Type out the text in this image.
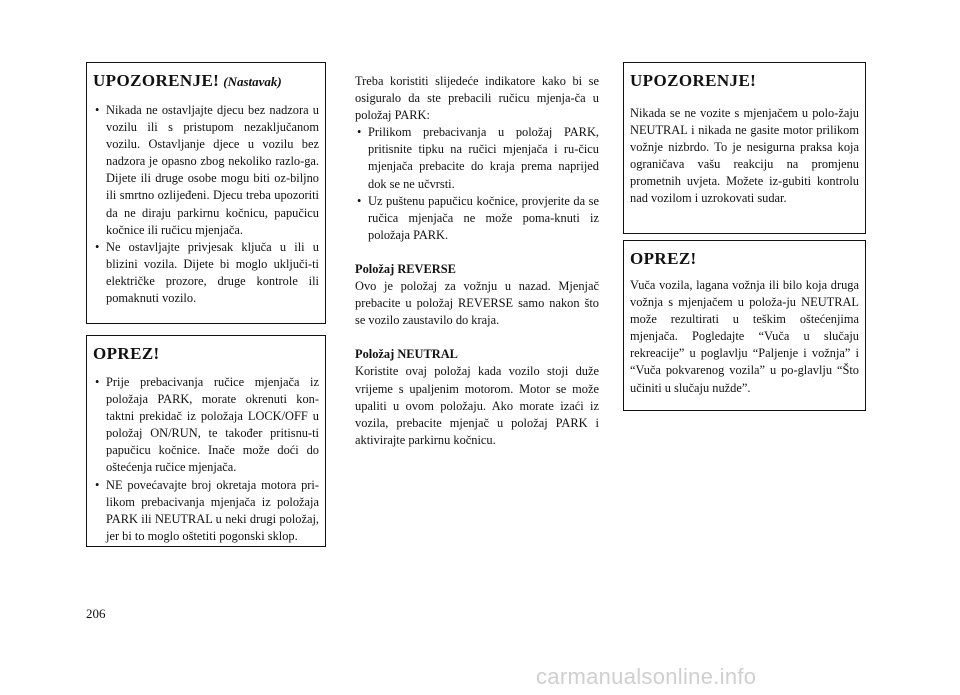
UPOZORENJE! (Nastavak)
• Nikada ne ostavljajte djecu bez nadzora u vozilu ili s pristupom nezaključanom vozilu. Ostavljanje djece u vozilu bez nadzora je opasno zbog nekoliko razlo-ga. Dijete ili druge osobe mogu biti oz-biljno ili smrtno ozlijeđeni. Djecu treba upozoriti da ne diraju parkirnu kočnicu, papučicu kočnice ili ručicu mjenjača.
• Ne ostavljajte privjesak ključa u ili u blizini vozila. Dijete bi moglo uključi-ti električke prozore, druge kontrole ili pomaknuti vozilo.
OPREZ!
• Prije prebacivanja ručice mjenjača iz položaja PARK, morate okrenuti kon-taktni prekidač iz položaja LOCK/OFF u položaj ON/RUN, te također pritisnu-ti papučicu kočnice. Inače može doći do oštećenja ručice mjenjača.
• NE povećavajte broj okretaja motora pri-likom prebacivanja mjenjača iz položaja PARK ili NEUTRAL u neki drugi položaj, jer bi to moglo oštetiti pogonski sklop.

Treba koristiti slijedeće indikatore kako bi se osiguralo da ste prebacili ručicu mjenja-ča u položaj PARK:

• Prilikom prebacivanja u položaj PARK, pritisnite tipku na ručici mjenjača i ru-čicu mjenjača prebacite do kraja prema naprijed dok se ne učvrsti.
• Uz puštenu papučicu kočnice, provjerite da se ručica mjenjača ne može poma-knuti iz položaja PARK.

Položaj REVERSE

Ovo je položaj za vožnju u nazad. Mjenjač prebacite u položaj REVERSE samo nakon što se vozilo zaustavilo do kraja.

Položaj NEUTRAL

Koristite ovaj položaj kada vozilo stoji duže vrijeme s upaljenim motorom. Motor se može upaliti u ovom položaju. Ako morate izaći iz vozila, prebacite mjenjač u položaj PARK i aktivirajte parkirnu kočnicu.

UPOZORENJE!

Nikada se ne vozite s mjenjačem u polo-žaju NEUTRAL i nikada ne gasite motor prilikom vožnje nizbrdo. To je nesigurna praksa koja ograničava vašu reakciju na promjenu prometnih uvjeta. Možete iz-gubiti kontrolu nad vozilom i uzrokovati sudar.

OPREZ!

Vuča vozila, lagana vožnja ili bilo koja druga vožnja s mjenjačem u položa-ju NEUTRAL može rezultirati u teškim oštećenjima mjenjača. Pogledajte “Vuča u slučaju rekreacije” u poglavlju “Paljenje i vožnja” i “Vuča pokvarenog vozila” u po-glavlju “Što učiniti u slučaju nužde”.

206
carmanualsonline.info
